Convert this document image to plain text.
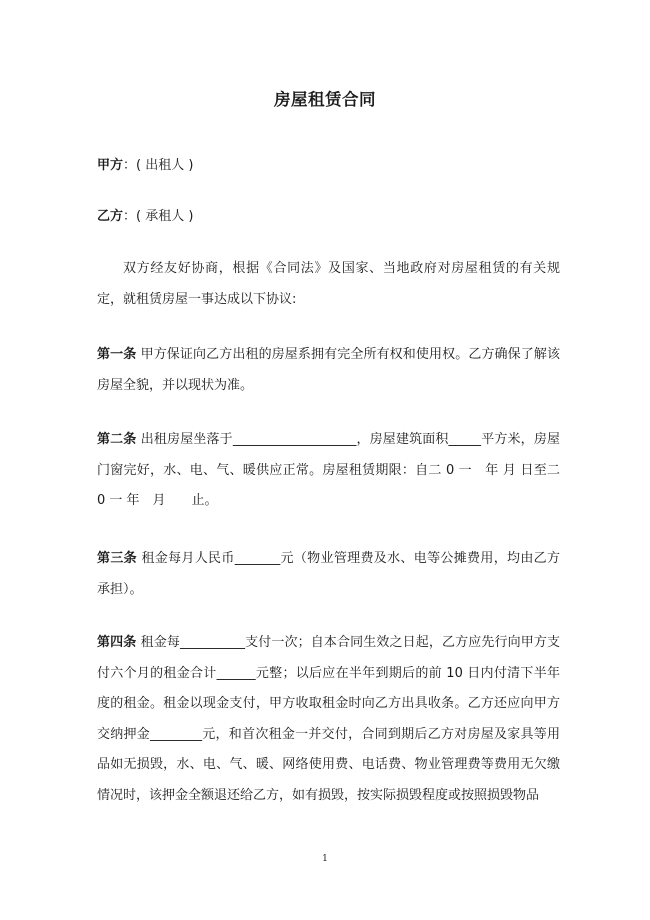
房屋租赁合同
甲方：( 出租人 )
乙方：( 承租人 )

双方经友好协商，根据《合同法》及国家、当地政府对房屋租赁的有关规定，就租赁房屋一事达成以下协议:

第一条 甲方保证向乙方出租的房屋系拥有完全所有权和使用权。乙方确保了解该房屋全貌，并以现状为准。

第二条 出租房屋坐落于___________________，房屋建筑面积_____平方米，房屋门窗完好，水、电、气、暖供应正常。房屋租赁期限：自二 0 一　年 月 日至二 0 一 年　月　　止。

第三条 租金每月人民币_______元（物业管理费及水、电等公摊费用，均由乙方承担）。

第四条 租金每__________支付一次；自本合同生效之日起，乙方应先行向甲方支付六个月的租金合计______元整；以后应在半年到期后的前 10 日内付清下半年度的租金。租金以现金支付，甲方收取租金时向乙方出具收条。乙方还应向甲方交纳押金________元，和首次租金一并交付，合同到期后乙方对房屋及家具等用品如无损毁，水、电、气、暖、网络使用费、电话费、物业管理费等费用无欠缴情况时，该押金全额退还给乙方，如有损毁，按实际损毁程度或按照损毁物品

1
